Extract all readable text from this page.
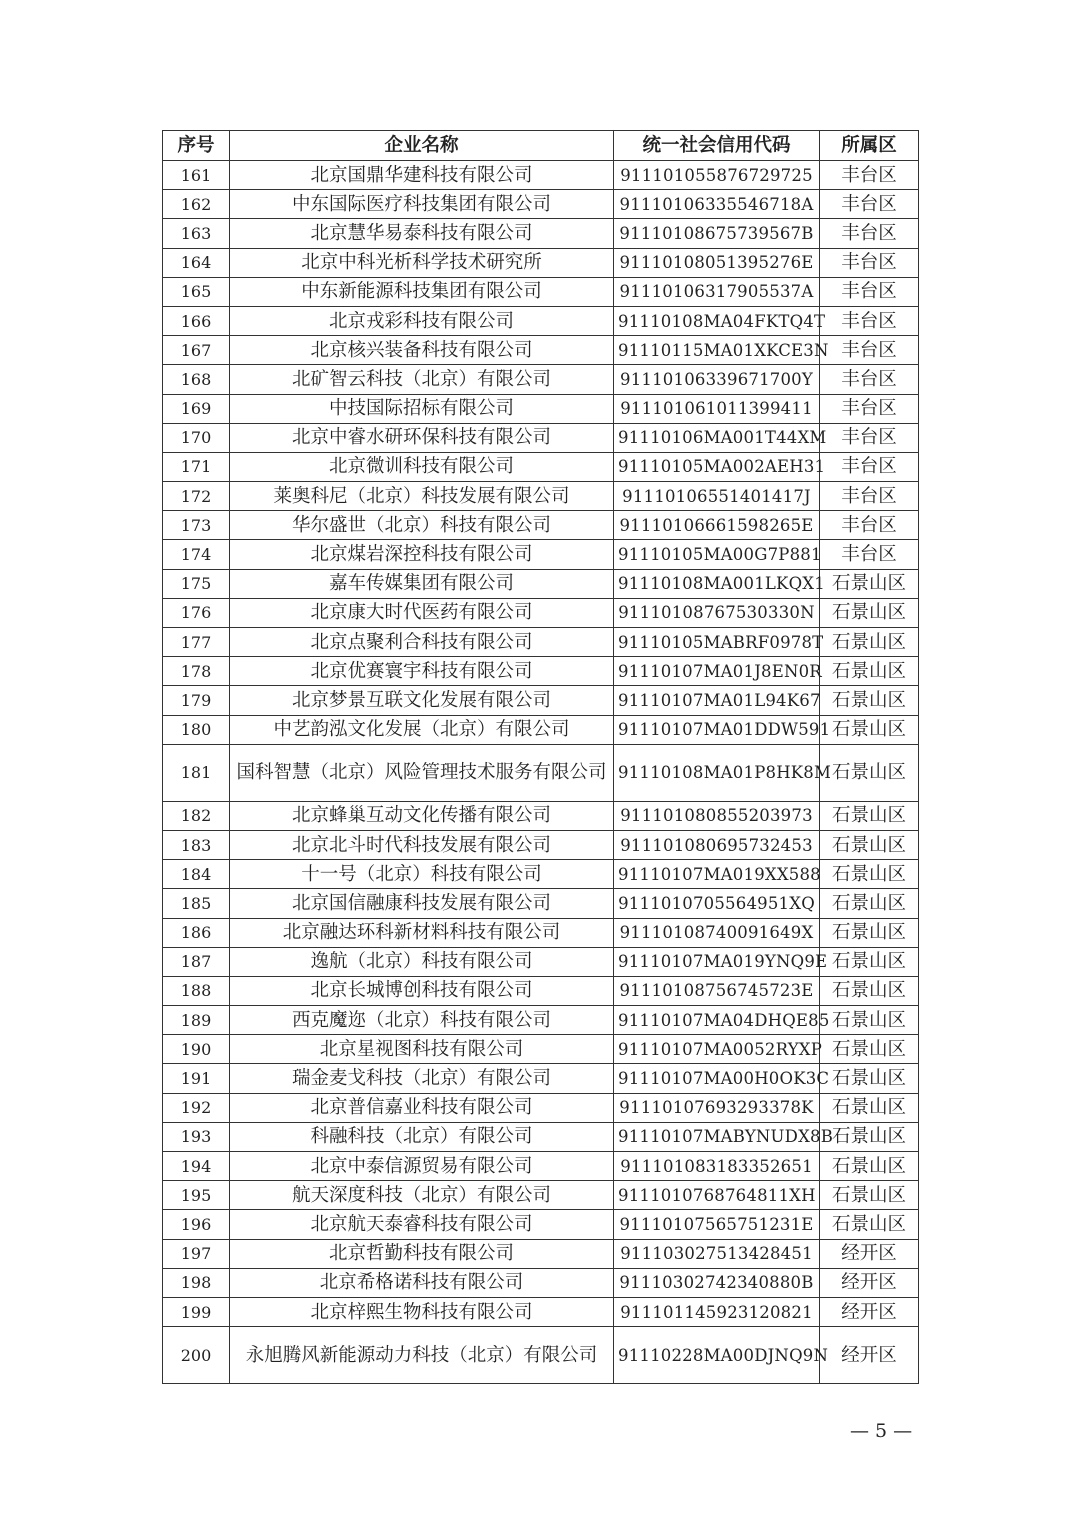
序号	企业名称	统一社会信用代码	所属区
161	北京国鼎华建科技有限公司	911101055876729725	丰台区
162	中东国际医疗科技集团有限公司	91110106335546718A	丰台区
163	北京慧华易泰科技有限公司	91110108675739567B	丰台区
164	北京中科光析科学技术研究所	91110108051395276E	丰台区
165	中东新能源科技集团有限公司	91110106317905537A	丰台区
166	北京戎彩科技有限公司	91110108MA04FKTQ4T	丰台区
167	北京核兴装备科技有限公司	91110115MA01XKCE3N	丰台区
168	北矿智云科技（北京）有限公司	91110106339671700Y	丰台区
169	中技国际招标有限公司	911101061011399411	丰台区
170	北京中睿水研环保科技有限公司	91110106MA001T44XM	丰台区
171	北京微训科技有限公司	91110105MA002AEH31	丰台区
172	莱奥科尼（北京）科技发展有限公司	91110106551401417J	丰台区
173	华尔盛世（北京）科技有限公司	91110106661598265E	丰台区
174	北京煤岩深控科技有限公司	91110105MA00G7P881	丰台区
175	嘉车传媒集团有限公司	91110108MA001LKQX1	石景山区
176	北京康大时代医药有限公司	91110108767530330N	石景山区
177	北京点聚利合科技有限公司	91110105MABRF0978T	石景山区
178	北京优赛寰宇科技有限公司	91110107MA01J8EN0R	石景山区
179	北京梦景互联文化发展有限公司	91110107MA01L94K67	石景山区
180	中艺韵泓文化发展（北京）有限公司	91110107MA01DDW591	石景山区
181	国科智慧（北京）风险管理技术服务有限公司	91110108MA01P8HK8M	石景山区
182	北京蜂巢互动文化传播有限公司	911101080855203973	石景山区
183	北京北斗时代科技发展有限公司	911101080695732453	石景山区
184	十一号（北京）科技有限公司	91110107MA019XX588	石景山区
185	北京国信融康科技发展有限公司	9111010705564951XQ	石景山区
186	北京融达环科新材料科技有限公司	91110108740091649X	石景山区
187	逸航（北京）科技有限公司	91110107MA019YNQ9E	石景山区
188	北京长城博创科技有限公司	91110108756745723E	石景山区
189	西克魔迩（北京）科技有限公司	91110107MA04DHQE85	石景山区
190	北京星视图科技有限公司	91110107MA0052RYXP	石景山区
191	瑞金麦戈科技（北京）有限公司	91110107MA00H0OK3C	石景山区
192	北京普信嘉业科技有限公司	91110107693293378K	石景山区
193	科融科技（北京）有限公司	91110107MABYNUDX8B	石景山区
194	北京中泰信源贸易有限公司	911101083183352651	石景山区
195	航天深度科技（北京）有限公司	9111010768764811XH	石景山区
196	北京航天泰睿科技有限公司	91110107565751231E	石景山区
197	北京哲勤科技有限公司	911103027513428451	经开区
198	北京希格诺科技有限公司	91110302742340880B	经开区
199	北京梓熙生物科技有限公司	911101145923120821	经开区
200	永旭腾风新能源动力科技（北京）有限公司	91110228MA00DJNQ9N	经开区
— 5 —
